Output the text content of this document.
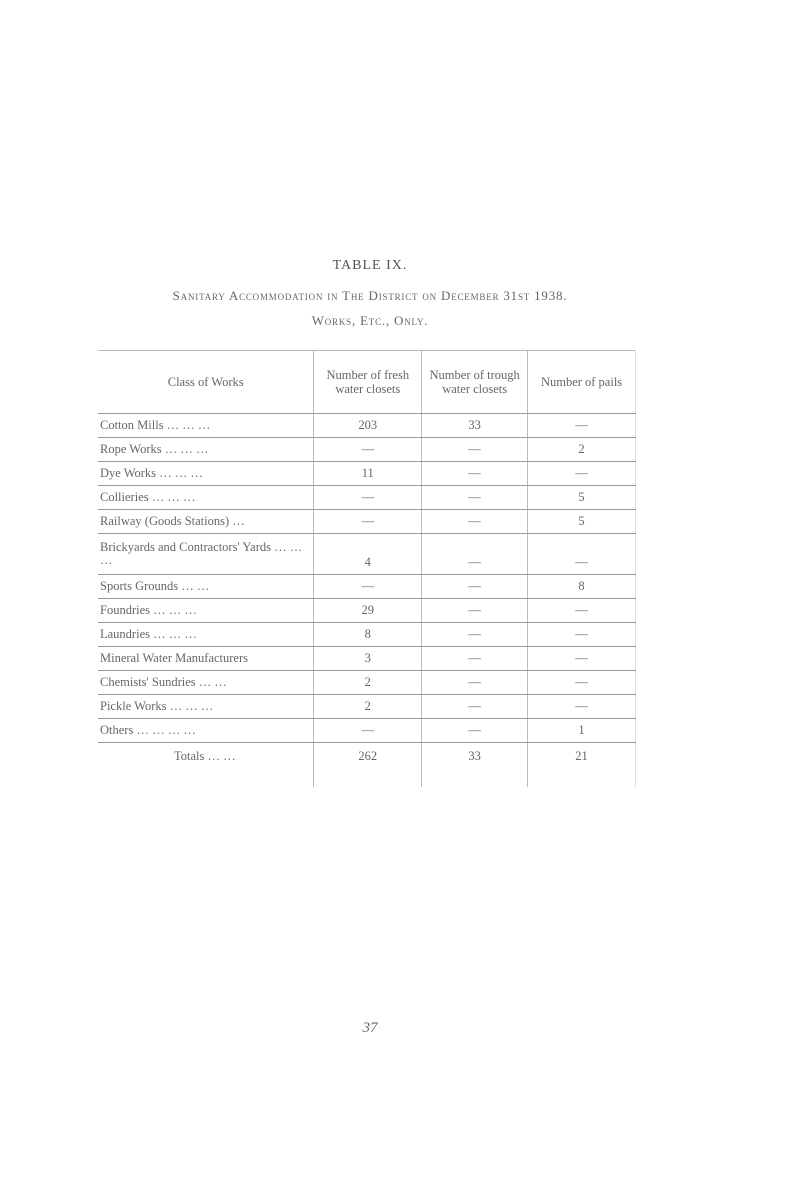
TABLE IX.
Sanitary Accommodation in The District on December 31st 1938.
Works, Etc., Only.
Class of Works	Number of fresh water closets	Number of trough water closets	Number of pails
Cotton Mills … … …	203	33	—
Rope Works … … …	—	—	2
Dye Works … … …	11	—	—
Collieries … … …	—	—	5
Railway (Goods Stations) …	—	—	5
Brickyards and Contractors' Yards … … …	4	—	—
Sports Grounds … …	—	—	8
Foundries … … …	29	—	—
Laundries … … …	8	—	—
Mineral Water Manufacturers	3	—	—
Chemists' Sundries … …	2	—	—
Pickle Works … … …	2	—	—
Others … … … …	—	—	1
Totals … …	262	33	21

37
